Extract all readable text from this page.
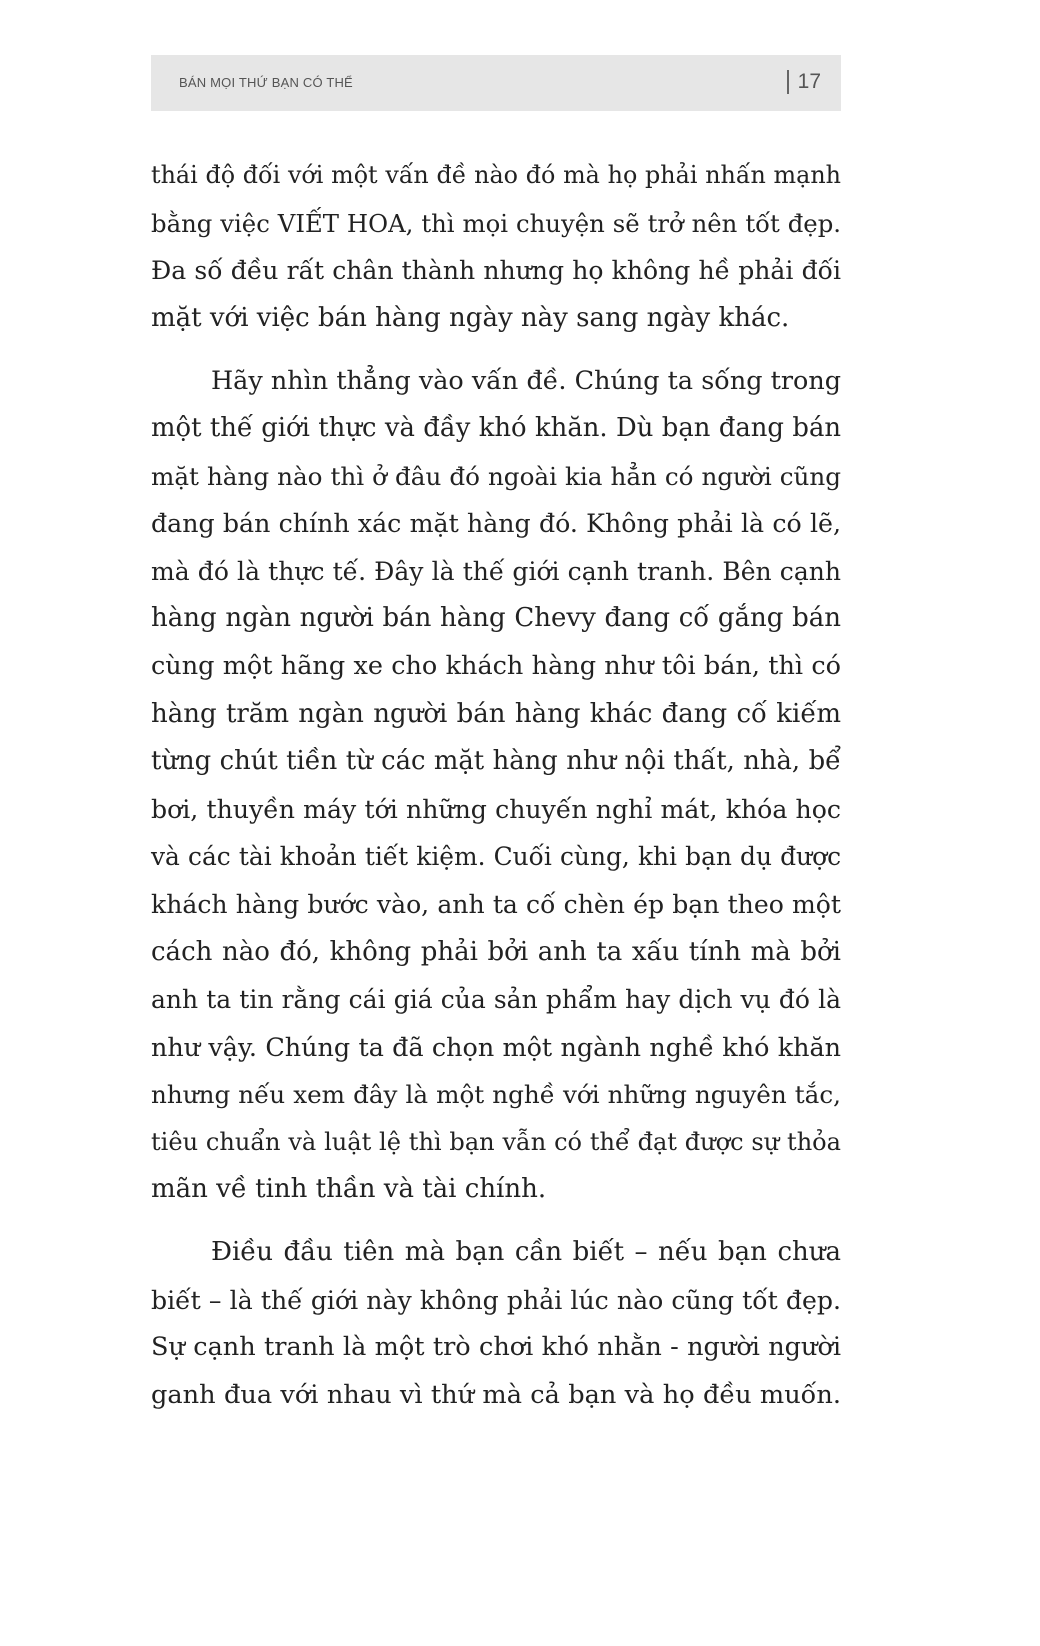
BÁN MỌI THỨ BẠN CÓ THỂ	17
thái độ đối với một vấn đề nào đó mà họ phải nhấn mạnh
bằng việc VIẾT HOA, thì mọi chuyện sẽ trở nên tốt đẹp.
Đa số đều rất chân thành nhưng họ không hề phải đối
mặt với việc bán hàng ngày này sang ngày khác.
Hãy nhìn thẳng vào vấn đề. Chúng ta sống trong
một thế giới thực và đầy khó khăn. Dù bạn đang bán
mặt hàng nào thì ở đâu đó ngoài kia hẳn có người cũng
đang bán chính xác mặt hàng đó. Không phải là có lẽ,
mà đó là thực tế. Đây là thế giới cạnh tranh. Bên cạnh
hàng ngàn người bán hàng Chevy đang cố gắng bán
cùng một hãng xe cho khách hàng như tôi bán, thì có
hàng trăm ngàn người bán hàng khác đang cố kiếm
từng chút tiền từ các mặt hàng như nội thất, nhà, bể
bơi, thuyền máy tới những chuyến nghỉ mát, khóa học
và các tài khoản tiết kiệm. Cuối cùng, khi bạn dụ được
khách hàng bước vào, anh ta cố chèn ép bạn theo một
cách nào đó, không phải bởi anh ta xấu tính mà bởi
anh ta tin rằng cái giá của sản phẩm hay dịch vụ đó là
như vậy. Chúng ta đã chọn một ngành nghề khó khăn
nhưng nếu xem đây là một nghề với những nguyên tắc,
tiêu chuẩn và luật lệ thì bạn vẫn có thể đạt được sự thỏa
mãn về tinh thần và tài chính.
Điều đầu tiên mà bạn cần biết – nếu bạn chưa
biết – là thế giới này không phải lúc nào cũng tốt đẹp.
Sự cạnh tranh là một trò chơi khó nhằn - người người
ganh đua với nhau vì thứ mà cả bạn và họ đều muốn.
